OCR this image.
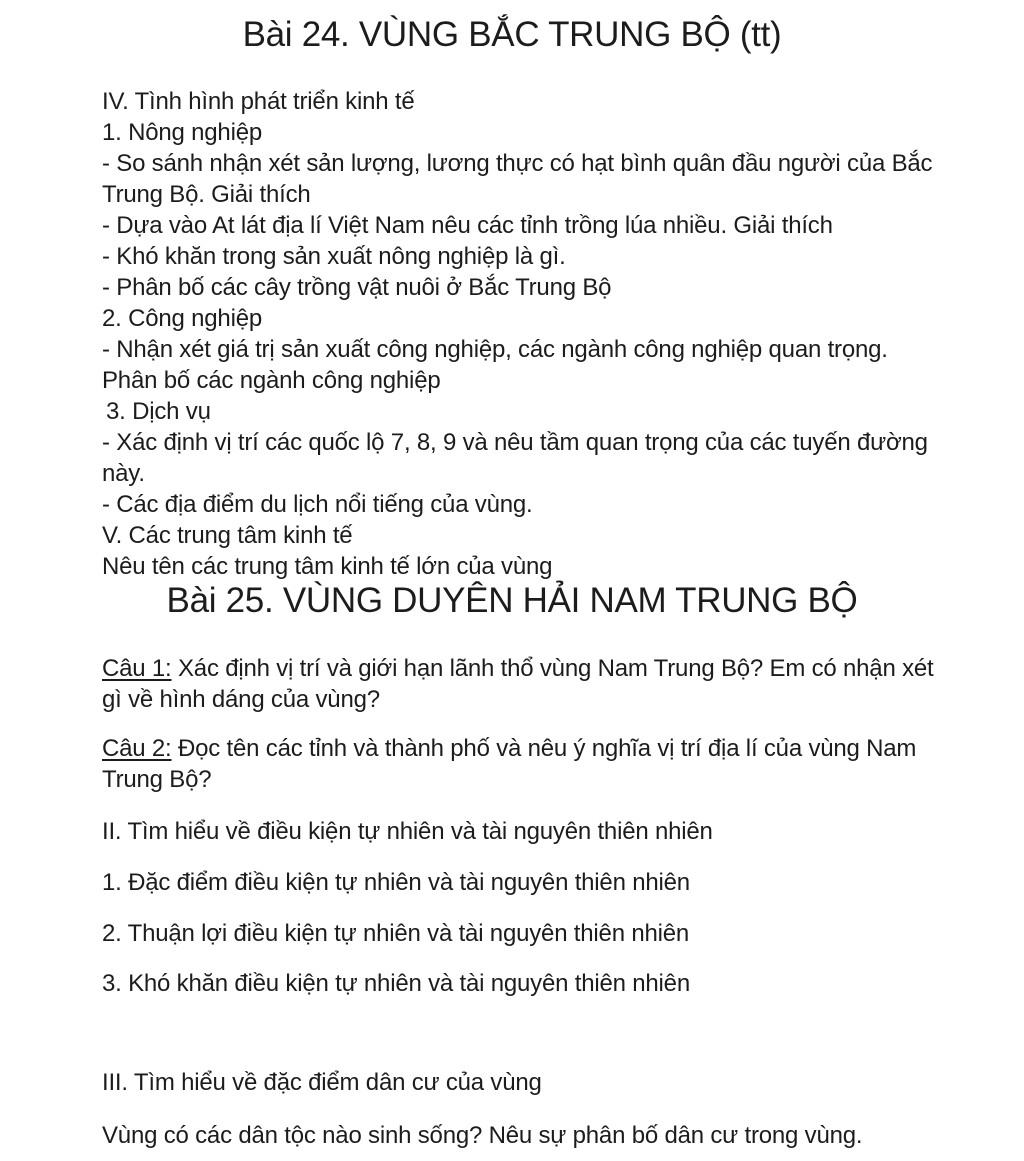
Bài 24. VÙNG BẮC TRUNG BỘ (tt)
IV. Tình hình phát triển kinh tế
1. Nông nghiệp
- So sánh nhận xét sản lượng, lương thực có hạt bình quân đầu người của Bắc
Trung Bộ. Giải thích
- Dựa vào At lát địa lí Việt Nam nêu các tỉnh trồng lúa nhiều. Giải thích
- Khó khăn trong sản xuất nông nghiệp là gì.
- Phân bố các cây trồng vật nuôi ở Bắc Trung Bộ
2. Công nghiệp
- Nhận xét giá trị sản xuất công nghiệp, các ngành công nghiệp quan trọng.
Phân bố các ngành công nghiệp
3. Dịch vụ
- Xác định vị trí các quốc lộ 7, 8, 9 và nêu tầm quan trọng của các tuyến đường
này.
- Các địa điểm du lịch nổi tiếng của vùng.
V. Các trung tâm kinh tế
Nêu tên các trung tâm kinh tế lớn của vùng
Bài 25. VÙNG DUYÊN HẢI NAM TRUNG BỘ
Câu 1: Xác định vị trí và giới hạn lãnh thổ vùng Nam Trung Bộ? Em có nhận xét
gì về hình dáng của vùng?
Câu 2: Đọc tên các tỉnh và thành phố và nêu ý nghĩa vị trí địa lí của vùng Nam
Trung Bộ?
II. Tìm hiểu về điều kiện tự nhiên và tài nguyên thiên nhiên
1. Đặc điểm điều kiện tự nhiên và tài nguyên thiên nhiên
2. Thuận lợi điều kiện tự nhiên và tài nguyên thiên nhiên
3. Khó khăn điều kiện tự nhiên và tài nguyên thiên nhiên
III. Tìm hiểu về đặc điểm dân cư của vùng
Vùng có các dân tộc nào sinh sống? Nêu sự phân bố dân cư trong vùng.
